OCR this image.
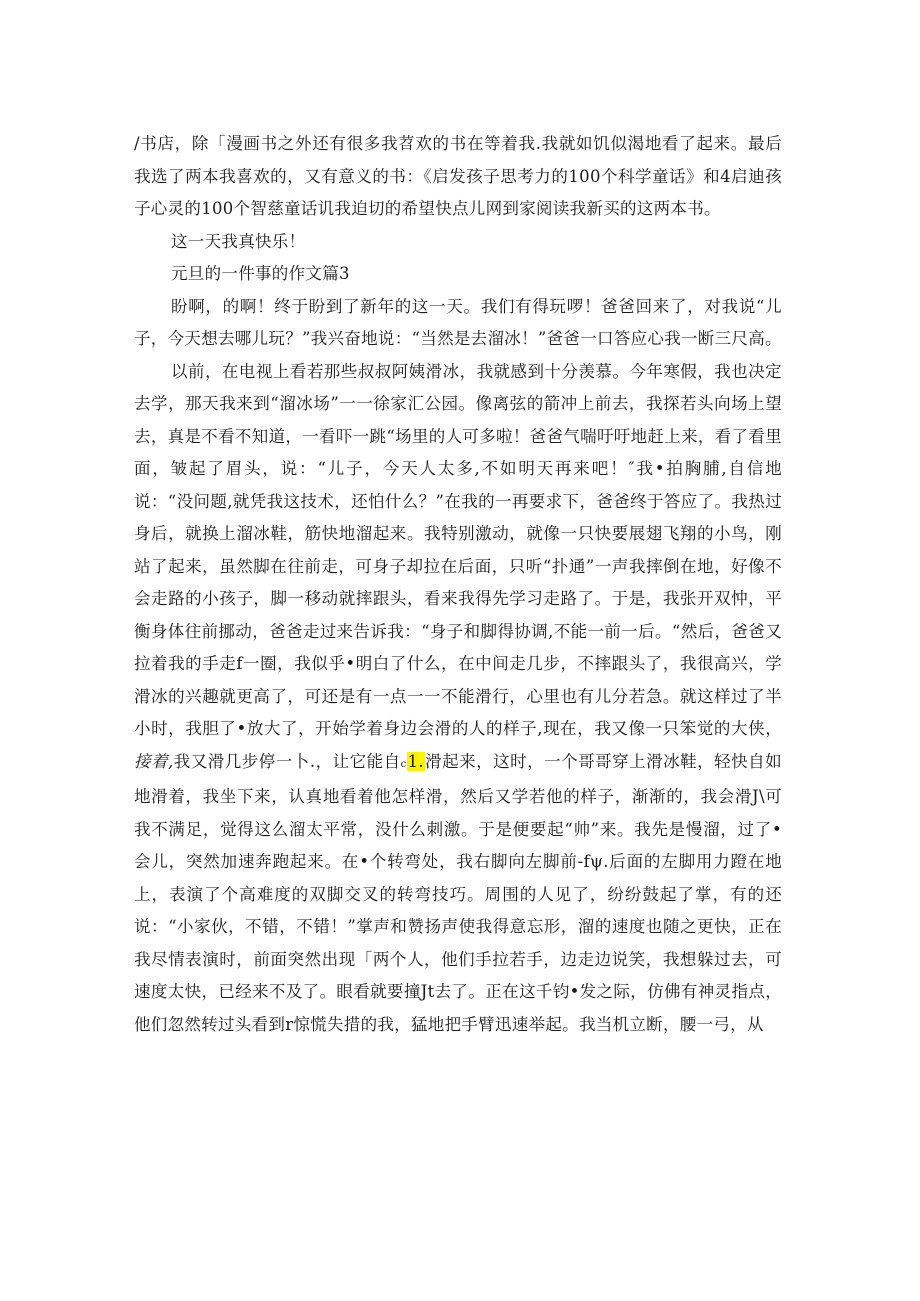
/书店，除「漫画书之外还有很多我苕欢的书在等着我.我就如饥似渴地看了起来。最后我选了两本我喜欢的，又有意义的书：《启发孩子思考力的100个科学童话》和4启迪孩子心灵的100个智慈童话讥我迫切的希望快点儿网到家阅读我新买的这两本书。

这一天我真快乐！

元旦的一件事的作文篇3

盼啊，的啊！终于盼到了新年的这一天。我们有得玩啰！爸爸回来了，对我说“儿子，今天想去哪儿玩？”我兴奋地说：“当然是去溜冰！”爸爸一口答应心我一断三尺高。

以前，在电视上看若那些叔叔阿姨滑冰，我就感到十分羡慕。今年寒假，我也决定去学，那天我来到“溜冰场”一一徐家汇公园。像离弦的箭冲上前去，我探若头向场上望去，真是不看不知道，一看吓一跳“场里的人可多啦！爸爸气喘吁吁地赶上来，看了看里面，皱起了眉头，说：“儿子，今天人太多,不如明天再来吧！″我•拍胸脯,自信地说：“没问题,就凭我这技术，还怕什么？”在我的一再要求下，爸爸终于答应了。我热过身后，就换上溜冰鞋，筋快地溜起来。我特别激动，就像一只快要展翅飞翔的小鸟，刚站了起来，虽然脚在往前走，可身子却拉在后面，只听“扑通”一声我摔倒在地，好像不会走路的小孩子，脚一移动就摔跟头，看来我得先学习走路了。于是，我张开双忡，平衡身体往前挪动，爸爸走过来告诉我：“身子和脚得协调,不能一前一后。“然后，爸爸又拉着我的手走f一圈，我似乎•明白了什么，在中间走几步，不摔跟头了，我很高兴，学滑冰的兴趣就更高了，可还是有一点一一不能滑行，心里也有儿分若急。就这样过了半小时，我胆了•放大了，开始学着身边会滑的人的样子,现在，我又像一只笨觉的大侠，接着,我又滑几步停一卜.，让它能自c1.滑起来，这时，一个哥哥穿上滑冰鞋，轻快自如地滑着，我坐下来，认真地看着他怎样滑，然后又学若他的样子，渐渐的，我会滑J\可我不满足，觉得这么溜太平常，没什么刺激。于是便要起“帅”来。我先是慢溜，过了•会儿，突然加速奔跑起来。在•个转弯处，我右脚向左脚前-fψ.后面的左脚用力蹬在地上，表演了个高难度的双脚交叉的转弯技巧。周围的人见了，纷纷鼓起了掌，有的还说：“小家伙，不错，不错！”掌声和赞扬声使我得意忘形，溜的速度也随之更快，正在我尽情表演时，前面突然出现「两个人，他们手拉若手，边走边说笑，我想躲过去，可速度太快，已经来不及了。眼看就要撞Jt去了。正在这千钧•发之际，仿佛有神灵指点，他们忽然转过头看到r惊慌失措的我，猛地把手臂迅速举起。我当机立断，腰一弓，从
